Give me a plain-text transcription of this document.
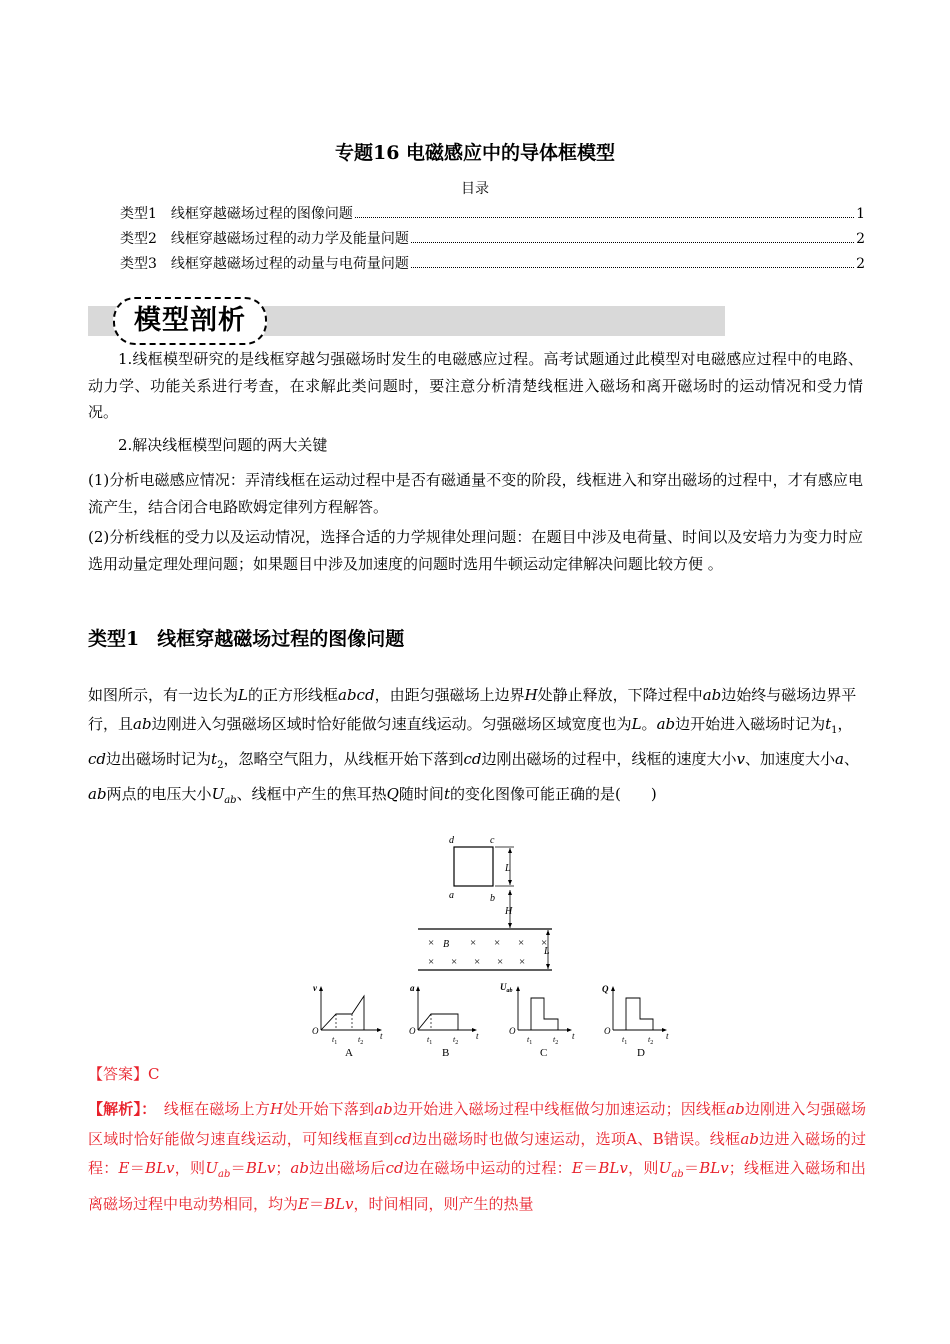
专题16 电磁感应中的导体框模型
目录
类型1　线框穿越磁场过程的图像问题	1
类型2　线框穿越磁场过程的动力学及能量问题	2
类型3　线框穿越磁场过程的动量与电荷量问题	2
模型剖析
1.线框模型研究的是线框穿越匀强磁场时发生的电磁感应过程。高考试题通过此模型对电磁感应过程中的电路、动力学、功能关系进行考查，在求解此类问题时，要注意分析清楚线框进入磁场和离开磁场时的运动情况和受力情况。
2.解决线框模型问题的两大关键
(1)分析电磁感应情况：弄清线框在运动过程中是否有磁通量不变的阶段，线框进入和穿出磁场的过程中，才有感应电流产生，结合闭合电路欧姆定律列方程解答。
(2)分析线框的受力以及运动情况，选择合适的力学规律处理问题：在题目中涉及电荷量、时间以及安培力为变力时应选用动量定理处理问题；如果题目中涉及加速度的问题时选用牛顿运动定律解决问题比较方便 。
类型1 线框穿越磁场过程的图像问题
如图所示，有一边长为L的正方形线框abcd，由距匀强磁场上边界H处静止释放，下降过程中ab边始终与磁场边界平行，且ab边刚进入匀强磁场区域时恰好能做匀速直线运动。匀强磁场区域宽度也为L。ab边开始进入磁场时记为$t_1$，cd边出磁场时记为$t_2$，忽略空气阻力，从线框开始下落到cd边刚出磁场的过程中，线框的速度大小v、加速度大小a、ab两点的电压大小$U_{ab}$、线框中产生的焦耳热Q随时间t的变化图像可能正确的是(　　)
d	c
a	b
L
H
×	× × × ×
× × × × ×
B
L
v
O	t
$t_1$	$t_2$
A
a
O	t
$t_1$	$t_2$
B
$U_{ab}$
O	t
$t_1$	$t_2$
C
Q
O	t
$t_1$	$t_2$
D
【答案】C
【解析】：　线框在磁场上方H处开始下落到ab边开始进入磁场过程中线框做匀加速运动；因线框ab边刚进入匀强磁场区域时恰好能做匀速直线运动，可知线框直到cd边出磁场时也做匀速运动，选项A、B错误。线框ab边进入磁场的过程：E＝BLv，则$U_{ab}=BLv$；ab边出磁场后cd边在磁场中运动的过程：E＝BLv，则$U_{ab}=BLv$；线框进入磁场和出离磁场过程中电动势相同，均为E＝BLv，时间相同，则产生的热量
